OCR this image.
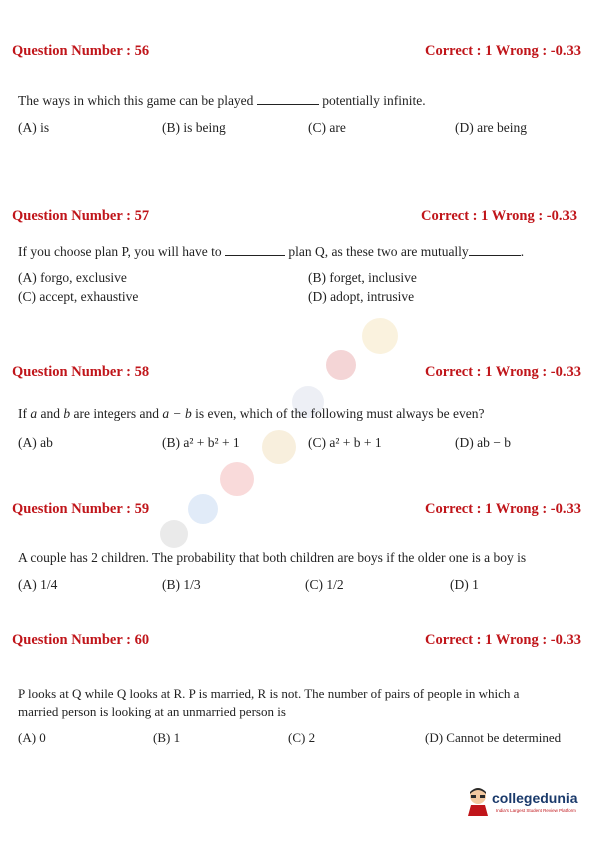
Question Number : 56	Correct : 1 Wrong : -0.33
The ways in which this game can be played	potentially infinite.
(A) is	(B) is being	(C) are	(D) are being
Question Number : 57	Correct : 1 Wrong : -0.33
If you choose plan P, you will have to	plan Q, as these two are mutually	.
(A) forgo, exclusive	(B) forget, inclusive
(C) accept, exhaustive	(D) adopt, intrusive
Question Number : 58	Correct : 1 Wrong : -0.33
If a and b are integers and a − b is even, which of the following must always be even?
(A) ab	(B) a² + b² + 1	(C) a² + b + 1	(D) ab − b
Question Number : 59	Correct : 1 Wrong : -0.33
A couple has 2 children. The probability that both children are boys if the older one is a boy is
(A) 1/4	(B) 1/3	(C) 1/2	(D) 1
Question Number : 60	Correct : 1 Wrong : -0.33
P looks at Q while Q looks at R. P is married, R is not. The number of pairs of people in which a
married person is looking at an unmarried person is
(A) 0	(B) 1	(C) 2	(D) Cannot be determined
collegedunia
India's Largest Student Review Platform
